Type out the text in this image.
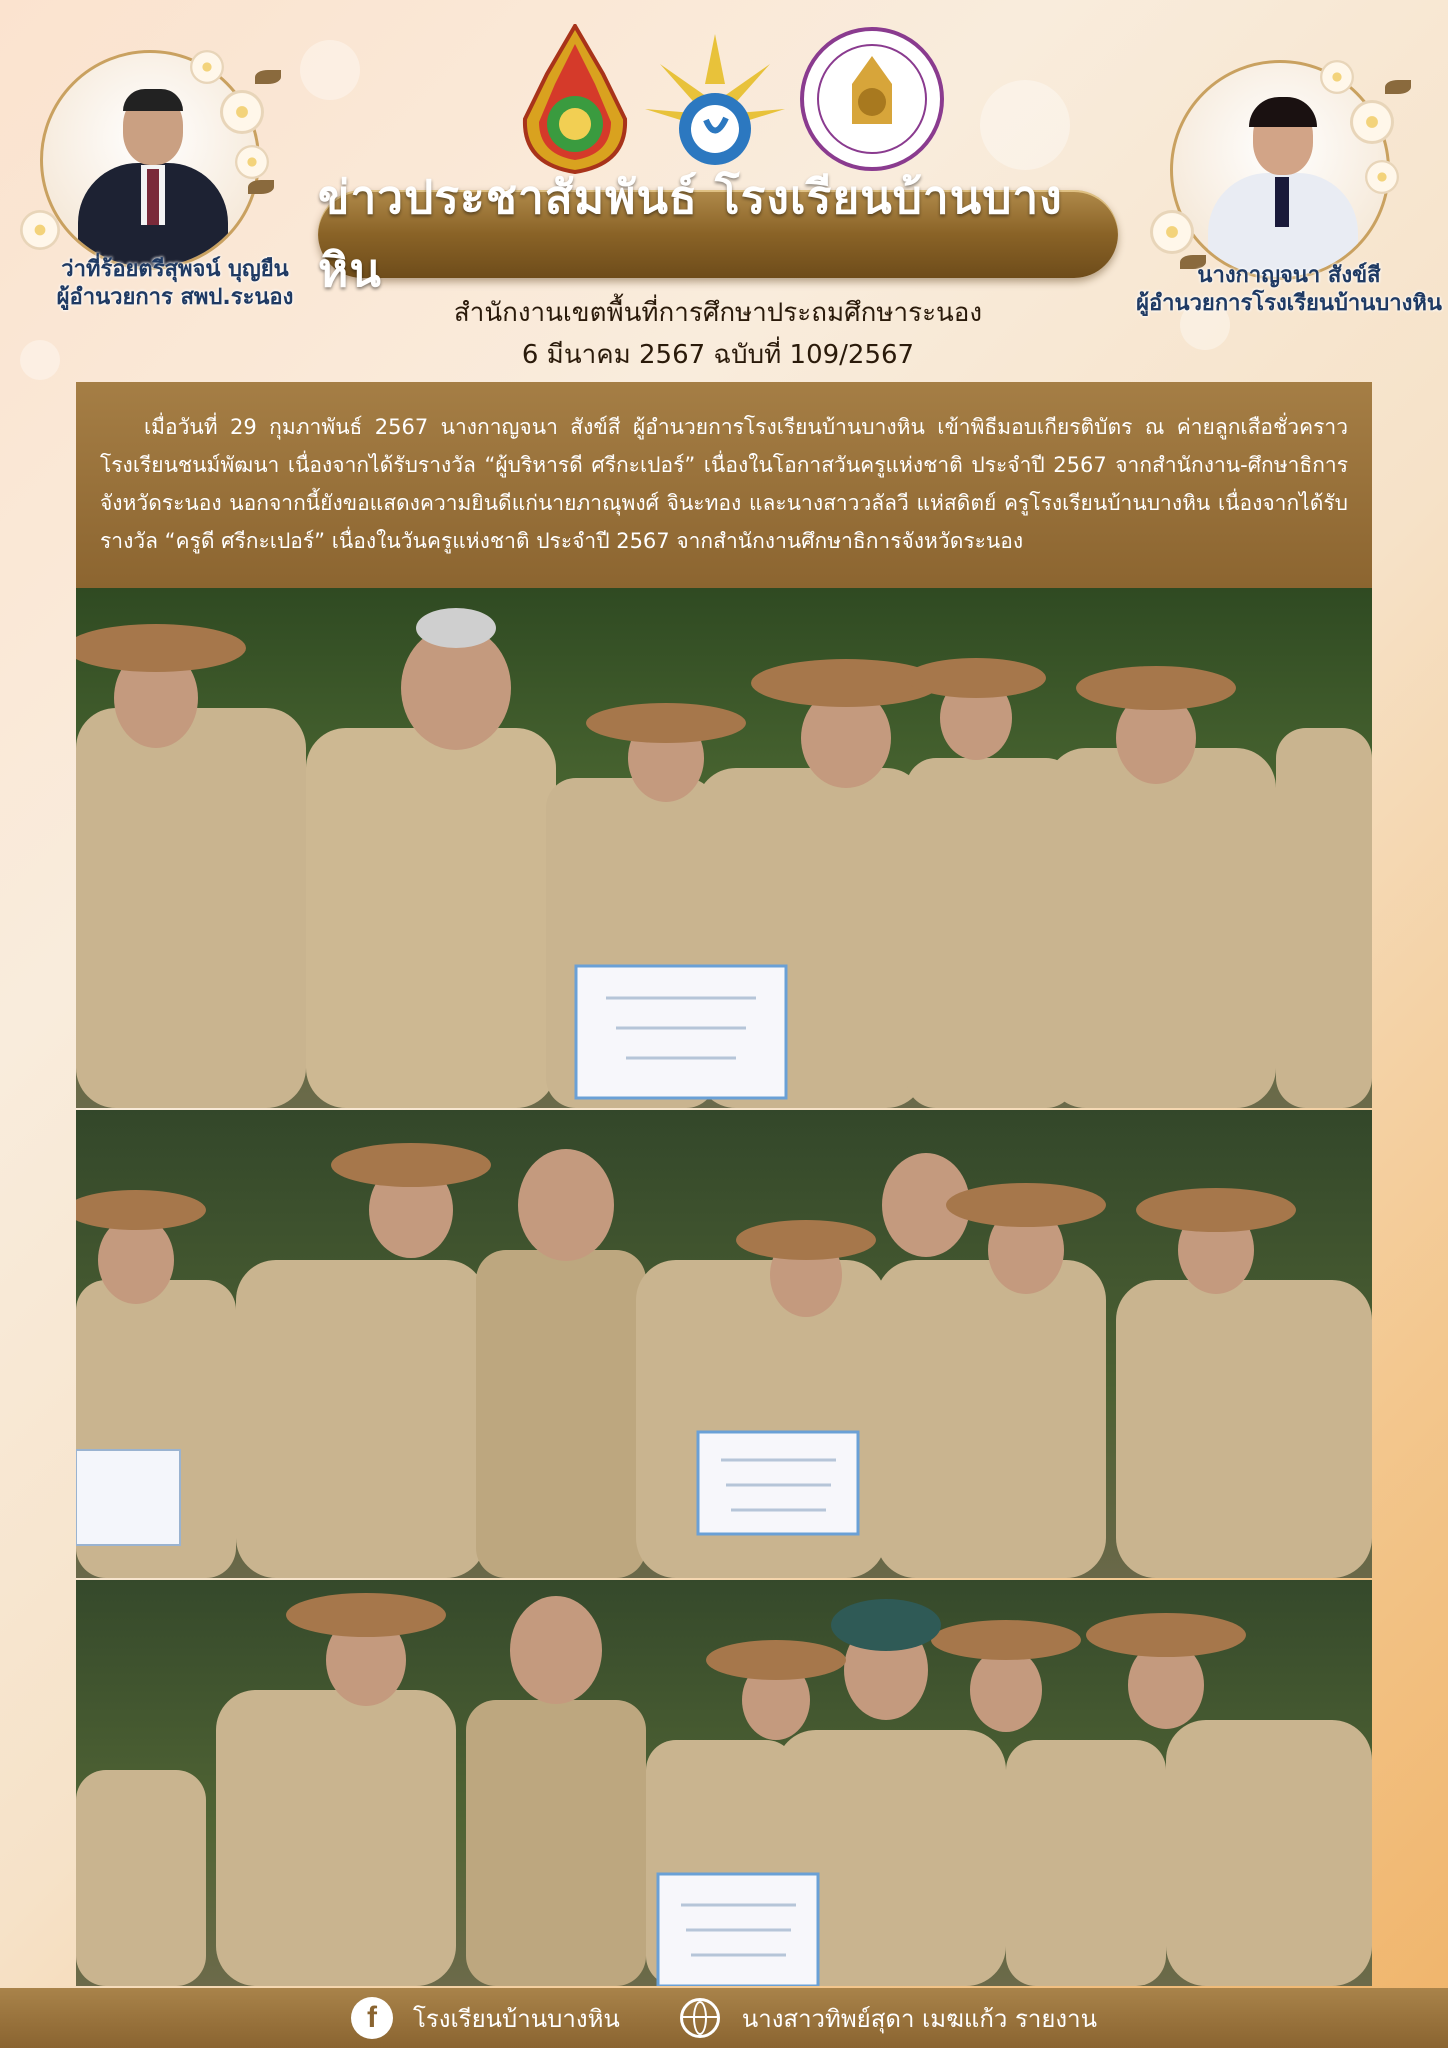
ว่าที่ร้อยตรีสุพจน์ บุญยืน
ผู้อำนวยการ สพป.ระนอง
นางกาญจนา สังข์สี
ผู้อำนวยการโรงเรียนบ้านบางหิน
ข่าวประชาสัมพันธ์ โรงเรียนบ้านบางหิน
สำนักงานเขตพื้นที่การศึกษาประถมศึกษาระนอง
6 มีนาคม 2567 ฉบับที่ 109/2567

เมื่อวันที่ 29 กุมภาพันธ์ 2567 นางกาญจนา สังข์สี ผู้อำนวยการโรงเรียนบ้านบางหิน เข้าพิธีมอบเกียรติบัตร ณ ค่ายลูกเสือชั่วคราว โรงเรียนชนม์พัฒนา เนื่องจากได้รับรางวัล “ผู้บริหารดี ศรีกะเปอร์” เนื่องในโอกาสวันครูแห่งชาติ ประจำปี 2567 จากสำนักงาน-ศึกษาธิการจังหวัดระนอง นอกจากนี้ยังขอแสดงความยินดีแก่นายภาณุพงศ์ จินะทอง และนางสาววลัลวี แห่สดิตย์ ครูโรงเรียนบ้านบางหิน เนื่องจากได้รับรางวัล “ครูดี ศรีกะเปอร์” เนื่องในวันครูแห่งชาติ ประจำปี 2567 จากสำนักงานศึกษาธิการจังหวัดระนอง

f	โรงเรียนบ้านบางหิน	นางสาวทิพย์สุดา เมฆแก้ว รายงาน
